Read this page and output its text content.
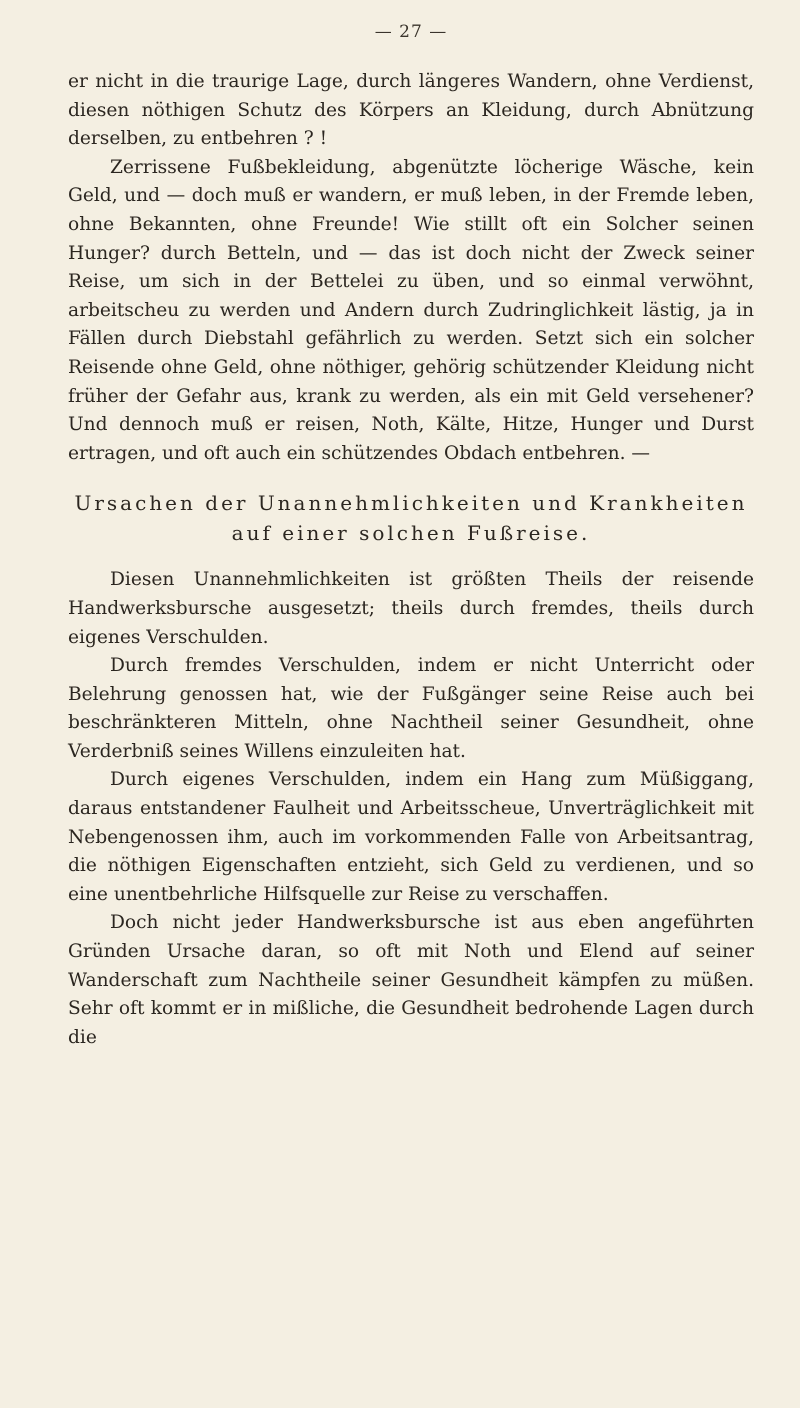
— 27 —

er nicht in die traurige Lage, durch längeres Wandern, ohne Verdienst, diesen nöthigen Schutz des Körpers an Kleidung, durch Abnützung derselben, zu entbehren ? !

Zerrissene Fußbekleidung, abgenützte löcherige Wäsche, kein Geld, und — doch muß er wandern, er muß leben, in der Fremde leben, ohne Bekannten, ohne Freunde! Wie stillt oft ein Solcher seinen Hunger? durch Betteln, und — das ist doch nicht der Zweck seiner Reise, um sich in der Bettelei zu üben, und so einmal verwöhnt, arbeitscheu zu werden und Andern durch Zudringlichkeit lästig, ja in Fällen durch Diebstahl gefährlich zu werden. Setzt sich ein solcher Reisende ohne Geld, ohne nöthiger, gehörig schützender Kleidung nicht früher der Gefahr aus, krank zu werden, als ein mit Geld versehener? Und dennoch muß er reisen, Noth, Kälte, Hitze, Hunger und Durst ertragen, und oft auch ein schützendes Obdach entbehren. —

Ursachen der Unannehmlichkeiten und Krankheiten
auf einer solchen Fußreise.

Diesen Unannehmlichkeiten ist größten Theils der reisende Handwerksbursche ausgesetzt; theils durch fremdes, theils durch eigenes Verschulden.

Durch fremdes Verschulden, indem er nicht Unterricht oder Belehrung genossen hat, wie der Fußgänger seine Reise auch bei beschränkteren Mitteln, ohne Nachtheil seiner Gesundheit, ohne Verderbniß seines Willens einzuleiten hat.

Durch eigenes Verschulden, indem ein Hang zum Müßiggang, daraus entstandener Faulheit und Arbeitsscheue, Unverträglichkeit mit Nebengenossen ihm, auch im vorkommenden Falle von Arbeitsantrag, die nöthigen Eigenschaften entzieht, sich Geld zu verdienen, und so eine unentbehrliche Hilfsquelle zur Reise zu verschaffen.

Doch nicht jeder Handwerksbursche ist aus eben angeführten Gründen Ursache daran, so oft mit Noth und Elend auf seiner Wanderschaft zum Nachtheile seiner Gesundheit kämpfen zu müßen. Sehr oft kommt er in mißliche, die Gesundheit bedrohende Lagen durch die
